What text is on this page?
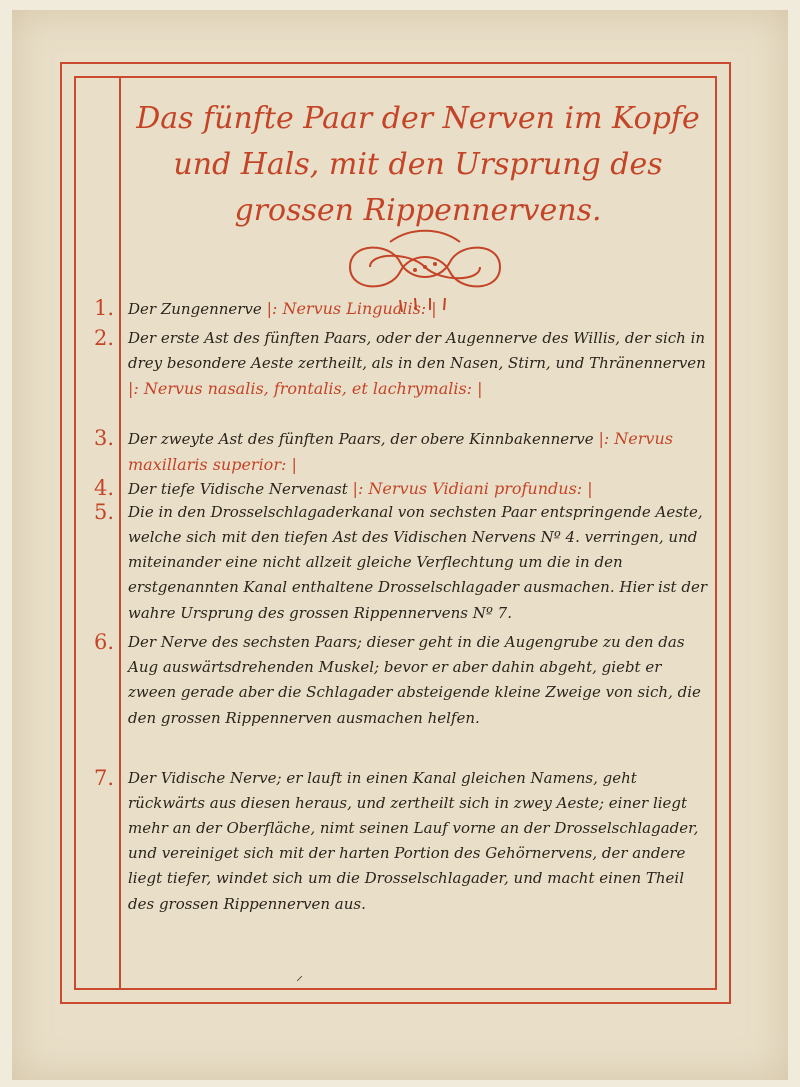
Das fünfte Paar der Nerven im Kopfe und Hals, mit den Ursprung des grossen Rippennervens.
1. Der Zungennerve |: Nervus Lingualis: |
2. Der erste Ast des fünften Paars, oder der Augennerve des Willis, der sich in drey besondere Aeste zertheilt, als in den Nasen, Stirn, und Thränennerven |: Nervus nasalis, frontalis, et lachrymalis: |
3. Der zweyte Ast des fünften Paars, der obere Kinnbakennerve |: Nervus maxillaris superior: |
4. Der tiefe Vidische Nervenast |: Nervus Vidiani profundus: |
5. Die in den Drosselschlagaderkanal von sechsten Paar entspringende Aeste, welche sich mit den tiefen Ast des Vidischen Nervens Nº 4. verringen, und miteinander eine nicht allzeit gleiche Verflechtung um die in den erstgenannten Kanal enthaltene Drosselschlagader ausmachen. Hier ist der wahre Ursprung des grossen Rippennervens Nº 7.
6. Der Nerve des sechsten Paars; dieser geht in die Augengrube zu den das Aug auswärtsdrehenden Muskel; bevor er aber dahin abgeht, giebt er zween gerade aber die Schlagader absteigende kleine Zweige von sich, die den grossen Rippennerven ausmachen helfen.
7. Der Vidische Nerve; er lauft in einen Kanal gleichen Namens, geht rückwärts aus diesen heraus, und zertheilt sich in zwey Aeste; einer liegt mehr an der Oberfläche, nimt seinen Lauf vorne an der Drosselschlagader, und vereiniget sich mit der harten Portion des Gehörnervens, der andere liegt tiefer, windet sich um die Drosselschlagader, und macht einen Theil des grossen Rippennerven aus.
⸝
